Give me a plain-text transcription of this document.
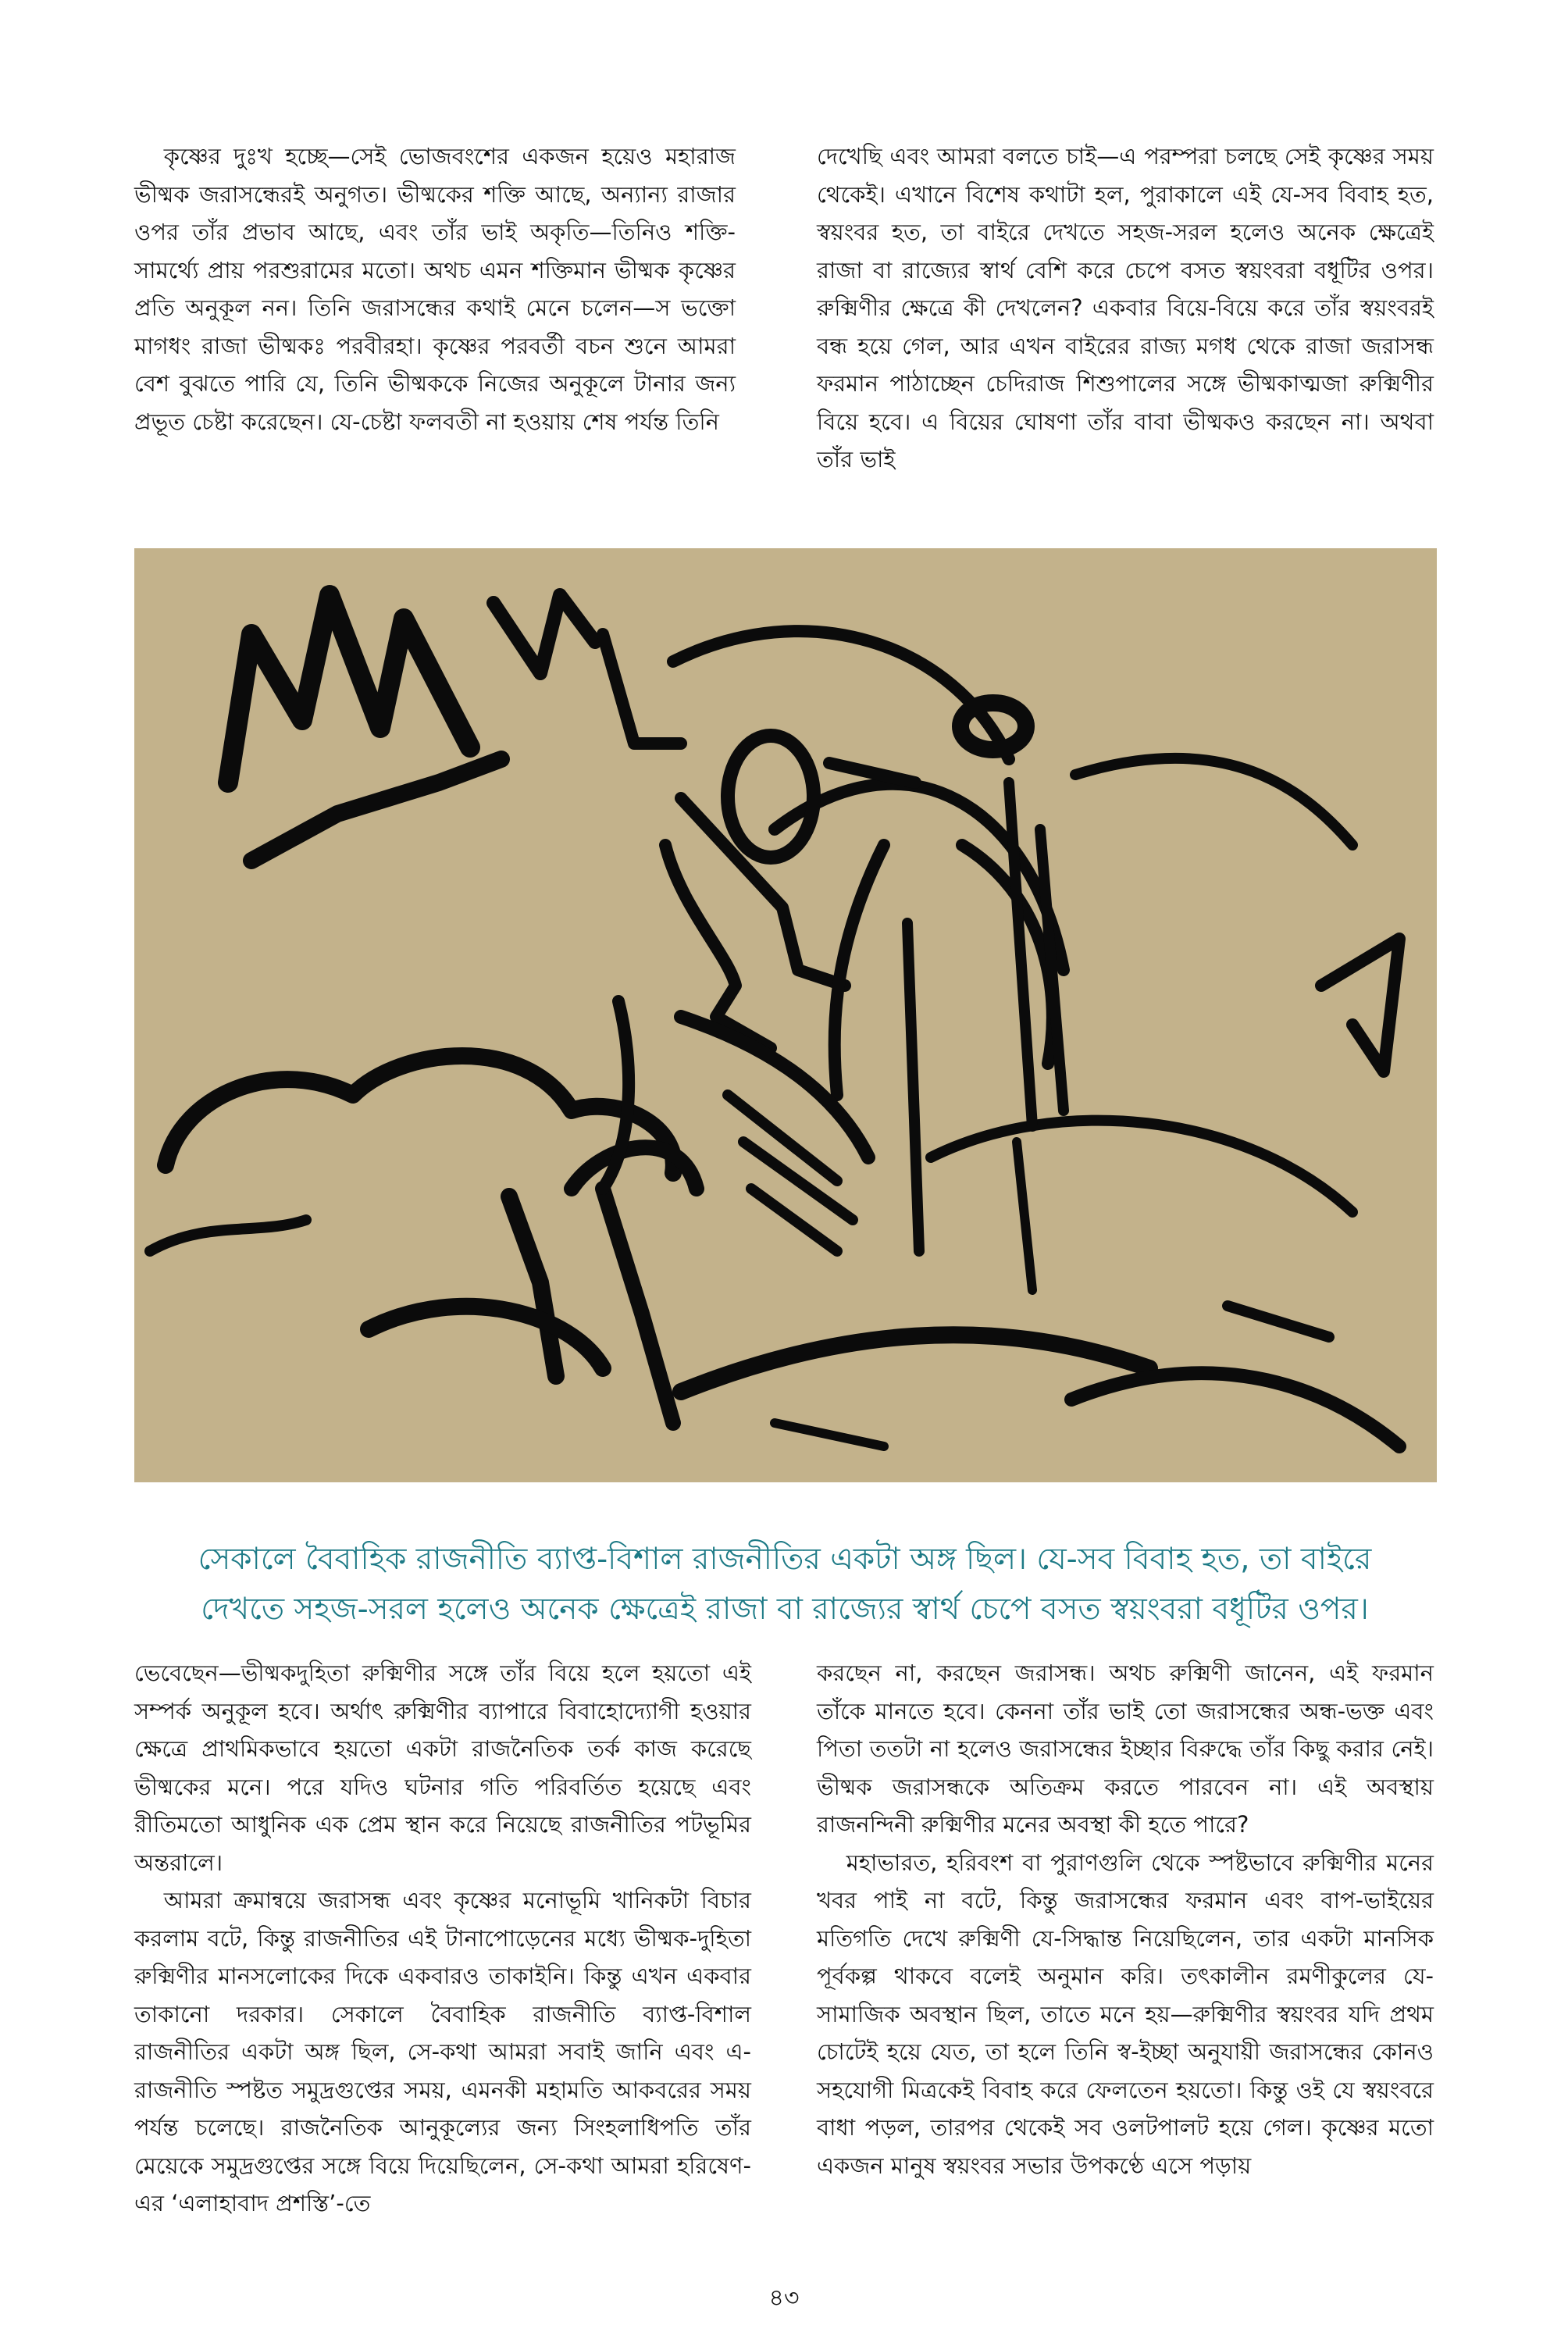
কৃষ্ণের দুঃখ হচ্ছে—সেই ভোজবংশের একজন হয়েও মহারাজ ভীষ্মক জরাসন্ধেরই অনুগত। ভীষ্মকের শক্তি আছে, অন্যান্য রাজার ওপর তাঁর প্রভাব আছে, এবং তাঁর ভাই অকৃতি—তিনিও শক্তি-সামর্থ্যে প্রায় পরশুরামের মতো। অথচ এমন শক্তিমান ভীষ্মক কৃষ্ণের প্রতি অনুকূল নন। তিনি জরাসন্ধের কথাই মেনে চলেন—স ভক্তো মাগধং রাজা ভীষ্মকঃ পরবীরহা। কৃষ্ণের পরবর্তী বচন শুনে আমরা বেশ বুঝতে পারি যে, তিনি ভীষ্মককে নিজের অনুকূলে টানার জন্য প্রভূত চেষ্টা করেছেন। যে-চেষ্টা ফলবতী না হওয়ায় শেষ পর্যন্ত তিনি

দেখেছি এবং আমরা বলতে চাই—এ পরম্পরা চলছে সেই কৃষ্ণের সময় থেকেই। এখানে বিশেষ কথাটা হল, পুরাকালে এই যে-সব বিবাহ হত, স্বয়ংবর হত, তা বাইরে দেখতে সহজ-সরল হলেও অনেক ক্ষেত্রেই রাজা বা রাজ্যের স্বার্থ বেশি করে চেপে বসত স্বয়ংবরা বধূটির ওপর। রুক্মিণীর ক্ষেত্রে কী দেখলেন? একবার বিয়ে-বিয়ে করে তাঁর স্বয়ংবরই বন্ধ হয়ে গেল, আর এখন বাইরের রাজ্য মগধ থেকে রাজা জরাসন্ধ ফরমান পাঠাচ্ছেন চেদিরাজ শিশুপালের সঙ্গে ভীষ্মকাত্মজা রুক্মিণীর বিয়ে হবে। এ বিয়ের ঘোষণা তাঁর বাবা ভীষ্মকও করছেন না। অথবা তাঁর ভাই

সেকালে বৈবাহিক রাজনীতি ব্যাপ্ত-বিশাল রাজনীতির একটা অঙ্গ ছিল। যে-সব বিবাহ হত, তা বাইরে
দেখতে সহজ-সরল হলেও অনেক ক্ষেত্রেই রাজা বা রাজ্যের স্বার্থ চেপে বসত স্বয়ংবরা বধূটির ওপর।

ভেবেছেন—ভীষ্মকদুহিতা রুক্মিণীর সঙ্গে তাঁর বিয়ে হলে হয়তো এই সম্পর্ক অনুকূল হবে। অর্থাৎ রুক্মিণীর ব্যাপারে বিবাহোদ্যোগী হওয়ার ক্ষেত্রে প্রাথমিকভাবে হয়তো একটা রাজনৈতিক তর্ক কাজ করেছে ভীষ্মকের মনে। পরে যদিও ঘটনার গতি পরিবর্তিত হয়েছে এবং রীতিমতো আধুনিক এক প্রেম স্থান করে নিয়েছে রাজনীতির পটভূমির অন্তরালে।

আমরা ক্রমান্বয়ে জরাসন্ধ এবং কৃষ্ণের মনোভূমি খানিকটা বিচার করলাম বটে, কিন্তু রাজনীতির এই টানাপোড়েনের মধ্যে ভীষ্মক-দুহিতা রুক্মিণীর মানসলোকের দিকে একবারও তাকাইনি। কিন্তু এখন একবার তাকানো দরকার। সেকালে বৈবাহিক রাজনীতি ব্যাপ্ত-বিশাল রাজনীতির একটা অঙ্গ ছিল, সে-কথা আমরা সবাই জানি এবং এ-রাজনীতি স্পষ্টত সমুদ্রগুপ্তের সময়, এমনকী মহামতি আকবরের সময় পর্যন্ত চলেছে। রাজনৈতিক আনুকূল্যের জন্য সিংহলাধিপতি তাঁর মেয়েকে সমুদ্রগুপ্তের সঙ্গে বিয়ে দিয়েছিলেন, সে-কথা আমরা হরিষেণ-এর ‘এলাহাবাদ প্রশস্তি’-তে

করছেন না, করছেন জরাসন্ধ। অথচ রুক্মিণী জানেন, এই ফরমান তাঁকে মানতে হবে। কেননা তাঁর ভাই তো জরাসন্ধের অন্ধ-ভক্ত এবং পিতা ততটা না হলেও জরাসন্ধের ইচ্ছার বিরুদ্ধে তাঁর কিছু করার নেই। ভীষ্মক জরাসন্ধকে অতিক্রম করতে পারবেন না। এই অবস্থায় রাজনন্দিনী রুক্মিণীর মনের অবস্থা কী হতে পারে?

মহাভারত, হরিবংশ বা পুরাণগুলি থেকে স্পষ্টভাবে রুক্মিণীর মনের খবর পাই না বটে, কিন্তু জরাসন্ধের ফরমান এবং বাপ-ভাইয়ের মতিগতি দেখে রুক্মিণী যে-সিদ্ধান্ত নিয়েছিলেন, তার একটা মানসিক পূর্বকল্প থাকবে বলেই অনুমান করি। তৎকালীন রমণীকুলের যে-সামাজিক অবস্থান ছিল, তাতে মনে হয়—রুক্মিণীর স্বয়ংবর যদি প্রথম চোটেই হয়ে যেত, তা হলে তিনি স্ব-ইচ্ছা অনুযায়ী জরাসন্ধের কোনও সহযোগী মিত্রকেই বিবাহ করে ফেলতেন হয়তো। কিন্তু ওই যে স্বয়ংবরে বাধা পড়ল, তারপর থেকেই সব ওলটপালট হয়ে গেল। কৃষ্ণের মতো একজন মানুষ স্বয়ংবর সভার উপকণ্ঠে এসে পড়ায়

৪৩
